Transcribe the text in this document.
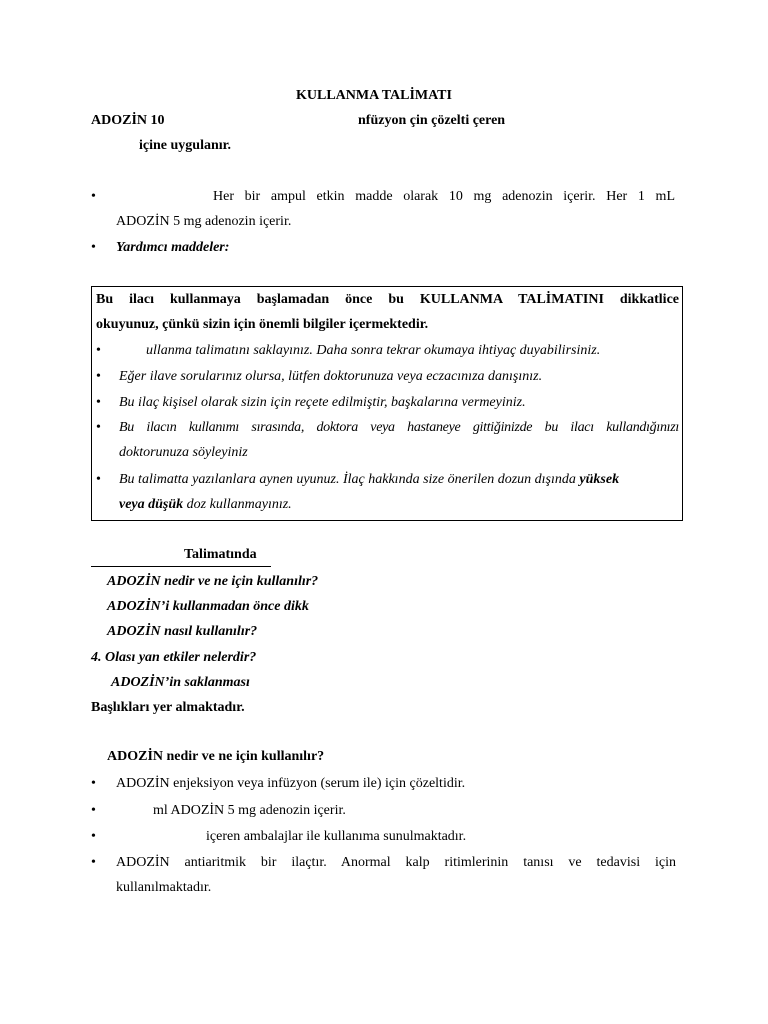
KULLANMA TALİMATI
ADOZİN 10	nfüzyon çin çözelti çeren
içine uygulanır.
•	Her bir ampul etkin madde olarak 10 mg adenozin içerir. Her 1 mL
ADOZİN 5 mg adenozin içerir.
• Yardımcı maddeler:
Bu ilacı kullanmaya başlamadan önce bu KULLANMA TALİMATINI dikkatlice
okuyunuz, çünkü sizin için önemli bilgiler içermektedir.
•	ullanma talimatını saklayınız. Daha sonra tekrar okumaya ihtiyaç duyabilirsiniz.
• Eğer ilave sorularınız olursa, lütfen doktorunuza veya eczacınıza danışınız.
• Bu ilaç kişisel olarak sizin için reçete edilmiştir, başkalarına vermeyiniz.
• Bu ilacın kullanımı sırasında, doktora veya hastaneye gittiğinizde bu ilacı kullandığınızı
doktorunuza söyleyiniz
• Bu talimatta yazılanlara aynen uyunuz. İlaç hakkında size önerilen dozun dışında yüksek
veya düşük doz kullanmayınız.
Talimatında
ADOZİN nedir ve ne için kullanılır?
ADOZİN’i kullanmadan önce dikk
ADOZİN nasıl kullanılır?
4. Olası yan etkiler nelerdir?
ADOZİN’in saklanması
Başlıkları yer almaktadır.
ADOZİN nedir ve ne için kullanılır?
• ADOZİN enjeksiyon veya infüzyon (serum ile) için çözeltidir.
•	ml ADOZİN 5 mg adenozin içerir.
•	içeren ambalajlar ile kullanıma sunulmaktadır.
• ADOZİN antiaritmik bir ilaçtır. Anormal kalp ritimlerinin tanısı ve tedavisi için
kullanılmaktadır.
